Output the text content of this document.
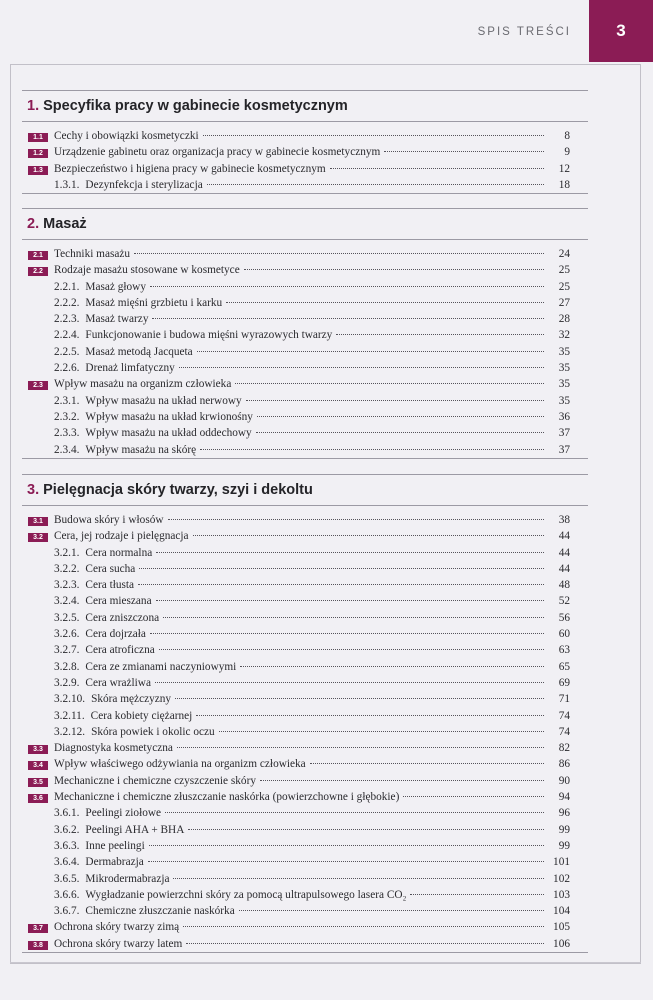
SPIS TREŚCI	3
1. Specyfika pracy w gabinecie kosmetycznym
1.1 Cechy i obowiązki kosmetyczki	8
1.2 Urządzenie gabinetu oraz organizacja pracy w gabinecie kosmetycznym	9
1.3 Bezpieczeństwo i higiena pracy w gabinecie kosmetycznym	12
1.3.1. Dezynfekcja i sterylizacja	18
2. Masaż
2.1 Techniki masażu	24
2.2 Rodzaje masażu stosowane w kosmetyce	25
2.2.1. Masaż głowy	25
2.2.2. Masaż mięśni grzbietu i karku	27
2.2.3. Masaż twarzy	28
2.2.4. Funkcjonowanie i budowa mięśni wyrazowych twarzy	32
2.2.5. Masaż metodą Jacqueta	35
2.2.6. Drenaż limfatyczny	35
2.3 Wpływ masażu na organizm człowieka	35
2.3.1. Wpływ masażu na układ nerwowy	35
2.3.2. Wpływ masażu na układ krwionośny	36
2.3.3. Wpływ masażu na układ oddechowy	37
2.3.4. Wpływ masażu na skórę	37
3. Pielęgnacja skóry twarzy, szyi i dekoltu
3.1 Budowa skóry i włosów	38
3.2 Cera, jej rodzaje i pielęgnacja	44
3.2.1. Cera normalna	44
3.2.2. Cera sucha	44
3.2.3. Cera tłusta	48
3.2.4. Cera mieszana	52
3.2.5. Cera zniszczona	56
3.2.6. Cera dojrzała	60
3.2.7. Cera atroficzna	63
3.2.8. Cera ze zmianami naczyniowymi	65
3.2.9. Cera wrażliwa	69
3.2.10. Skóra mężczyzny	71
3.2.11. Cera kobiety ciężarnej	74
3.2.12. Skóra powiek i okolic oczu	74
3.3 Diagnostyka kosmetyczna	82
3.4 Wpływ właściwego odżywiania na organizm człowieka	86
3.5 Mechaniczne i chemiczne czyszczenie skóry	90
3.6 Mechaniczne i chemiczne złuszczanie naskórka (powierzchowne i głębokie)	94
3.6.1. Peelingi ziołowe	96
3.6.2. Peelingi AHA + BHA	99
3.6.3. Inne peelingi	99
3.6.4. Dermabrazja	101
3.6.5. Mikrodermabrazja	102
3.6.6. Wygładzanie powierzchni skóry za pomocą ultrapulsowego lasera CO₂	103
3.6.7. Chemiczne złuszczanie naskórka	104
3.7 Ochrona skóry twarzy zimą	105
3.8 Ochrona skóry twarzy latem	106
